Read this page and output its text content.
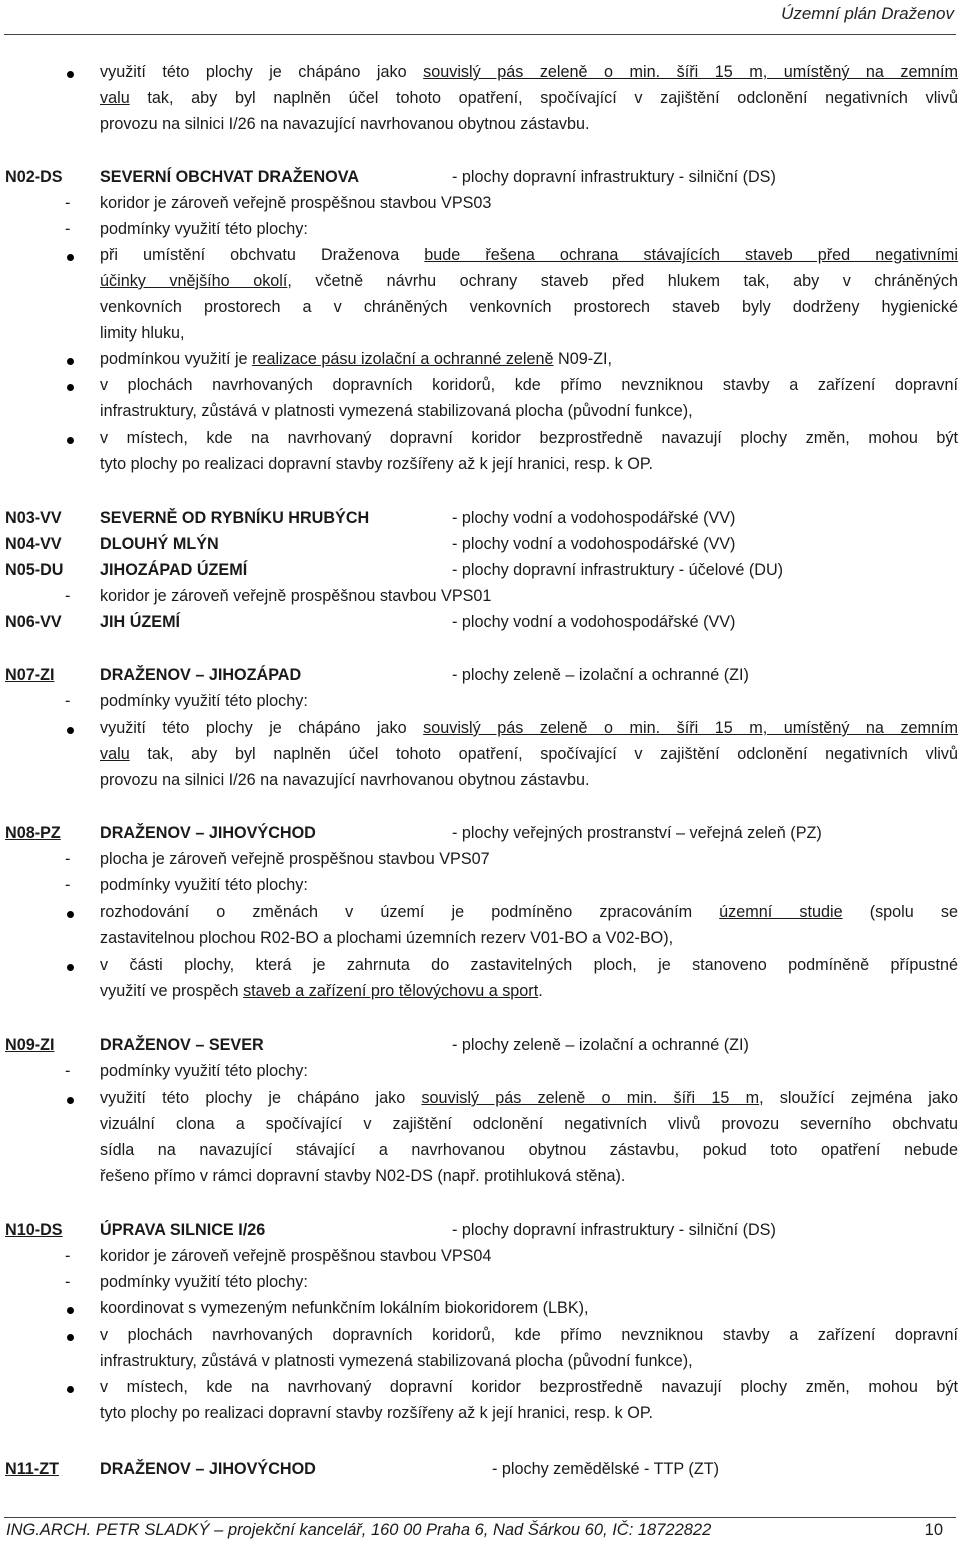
Územní plán Draženov
využití této plochy je chápáno jako souvislý pás zeleně o min. šíři 15 m, umístěný na zemním
valu tak, aby byl naplněn účel tohoto opatření, spočívající v zajištění odclonění negativních vlivů
provozu na silnici I/26 na navazující navrhovanou obytnou zástavbu.
N02-DS SEVERNÍ OBCHVAT DRAŽENOVA	- plochy dopravní infrastruktury - silniční (DS)
- koridor je zároveň veřejně prospěšnou stavbou VPS03
- podmínky využití této plochy:
při umístění obchvatu Draženova bude řešena ochrana stávajících staveb před negativními
účinky vnějšího okolí, včetně návrhu ochrany staveb před hlukem tak, aby v chráněných
venkovních prostorech a v chráněných venkovních prostorech staveb byly dodrženy hygienické
limity hluku,
podmínkou využití je realizace pásu izolační a ochranné zeleně N09-ZI,
v plochách navrhovaných dopravních koridorů, kde přímo nevzniknou stavby a zařízení dopravní
infrastruktury, zůstává v platnosti vymezená stabilizovaná plocha (původní funkce),
v místech, kde na navrhovaný dopravní koridor bezprostředně navazují plochy změn, mohou být
tyto plochy po realizaci dopravní stavby rozšířeny až k její hranici, resp. k OP.
N03-VV SEVERNĚ OD RYBNÍKU HRUBÝCH	- plochy vodní a vodohospodářské (VV)
N04-VV DLOUHÝ MLÝN	- plochy vodní a vodohospodářské (VV)
N05-DU JIHOZÁPAD ÚZEMÍ	- plochy dopravní infrastruktury - účelové (DU)
- koridor je zároveň veřejně prospěšnou stavbou VPS01
N06-VV JIH ÚZEMÍ	- plochy vodní a vodohospodářské (VV)
N07-ZI	DRAŽENOV – JIHOZÁPAD	- plochy zeleně – izolační a ochranné (ZI)
- podmínky využití této plochy:
využití této plochy je chápáno jako souvislý pás zeleně o min. šíři 15 m, umístěný na zemním
valu tak, aby byl naplněn účel tohoto opatření, spočívající v zajištění odclonění negativních vlivů
provozu na silnici I/26 na navazující navrhovanou obytnou zástavbu.
N08-PZ DRAŽENOV – JIHOVÝCHOD	- plochy veřejných prostranství – veřejná zeleň (PZ)
- plocha je zároveň veřejně prospěšnou stavbou VPS07
- podmínky využití této plochy:
rozhodování o změnách v území je podmíněno zpracováním územní studie (spolu se
zastavitelnou plochou R02-BO a plochami územních rezerv V01-BO a V02-BO),
v části plochy, která je zahrnuta do zastavitelných ploch, je stanoveno podmíněně přípustné
využití ve prospěch staveb a zařízení pro tělovýchovu a sport.
N09-ZI	DRAŽENOV – SEVER	- plochy zeleně – izolační a ochranné (ZI)
- podmínky využití této plochy:
využití této plochy je chápáno jako souvislý pás zeleně o min. šíři 15 m, sloužící zejména jako
vizuální clona a spočívající v zajištění odclonění negativních vlivů provozu severního obchvatu
sídla na navazující stávající a navrhovanou obytnou zástavbu, pokud toto opatření nebude
řešeno přímo v rámci dopravní stavby N02-DS (např. protihluková stěna).
N10-DS ÚPRAVA SILNICE I/26	- plochy dopravní infrastruktury - silniční (DS)
- koridor je zároveň veřejně prospěšnou stavbou VPS04
- podmínky využití této plochy:
koordinovat s vymezeným nefunkčním lokálním biokoridorem (LBK),
v plochách navrhovaných dopravních koridorů, kde přímo nevzniknou stavby a zařízení dopravní
infrastruktury, zůstává v platnosti vymezená stabilizovaná plocha (původní funkce),
v místech, kde na navrhovaný dopravní koridor bezprostředně navazují plochy změn, mohou být
tyto plochy po realizaci dopravní stavby rozšířeny až k její hranici, resp. k OP.
N11-ZT	DRAŽENOV – JIHOVÝCHOD	- plochy zemědělské - TTP (ZT)
ING.ARCH. PETR SLADKÝ – projekční kancelář, 160 00 Praha 6, Nad Šárkou 60, IČ: 18722822	10
